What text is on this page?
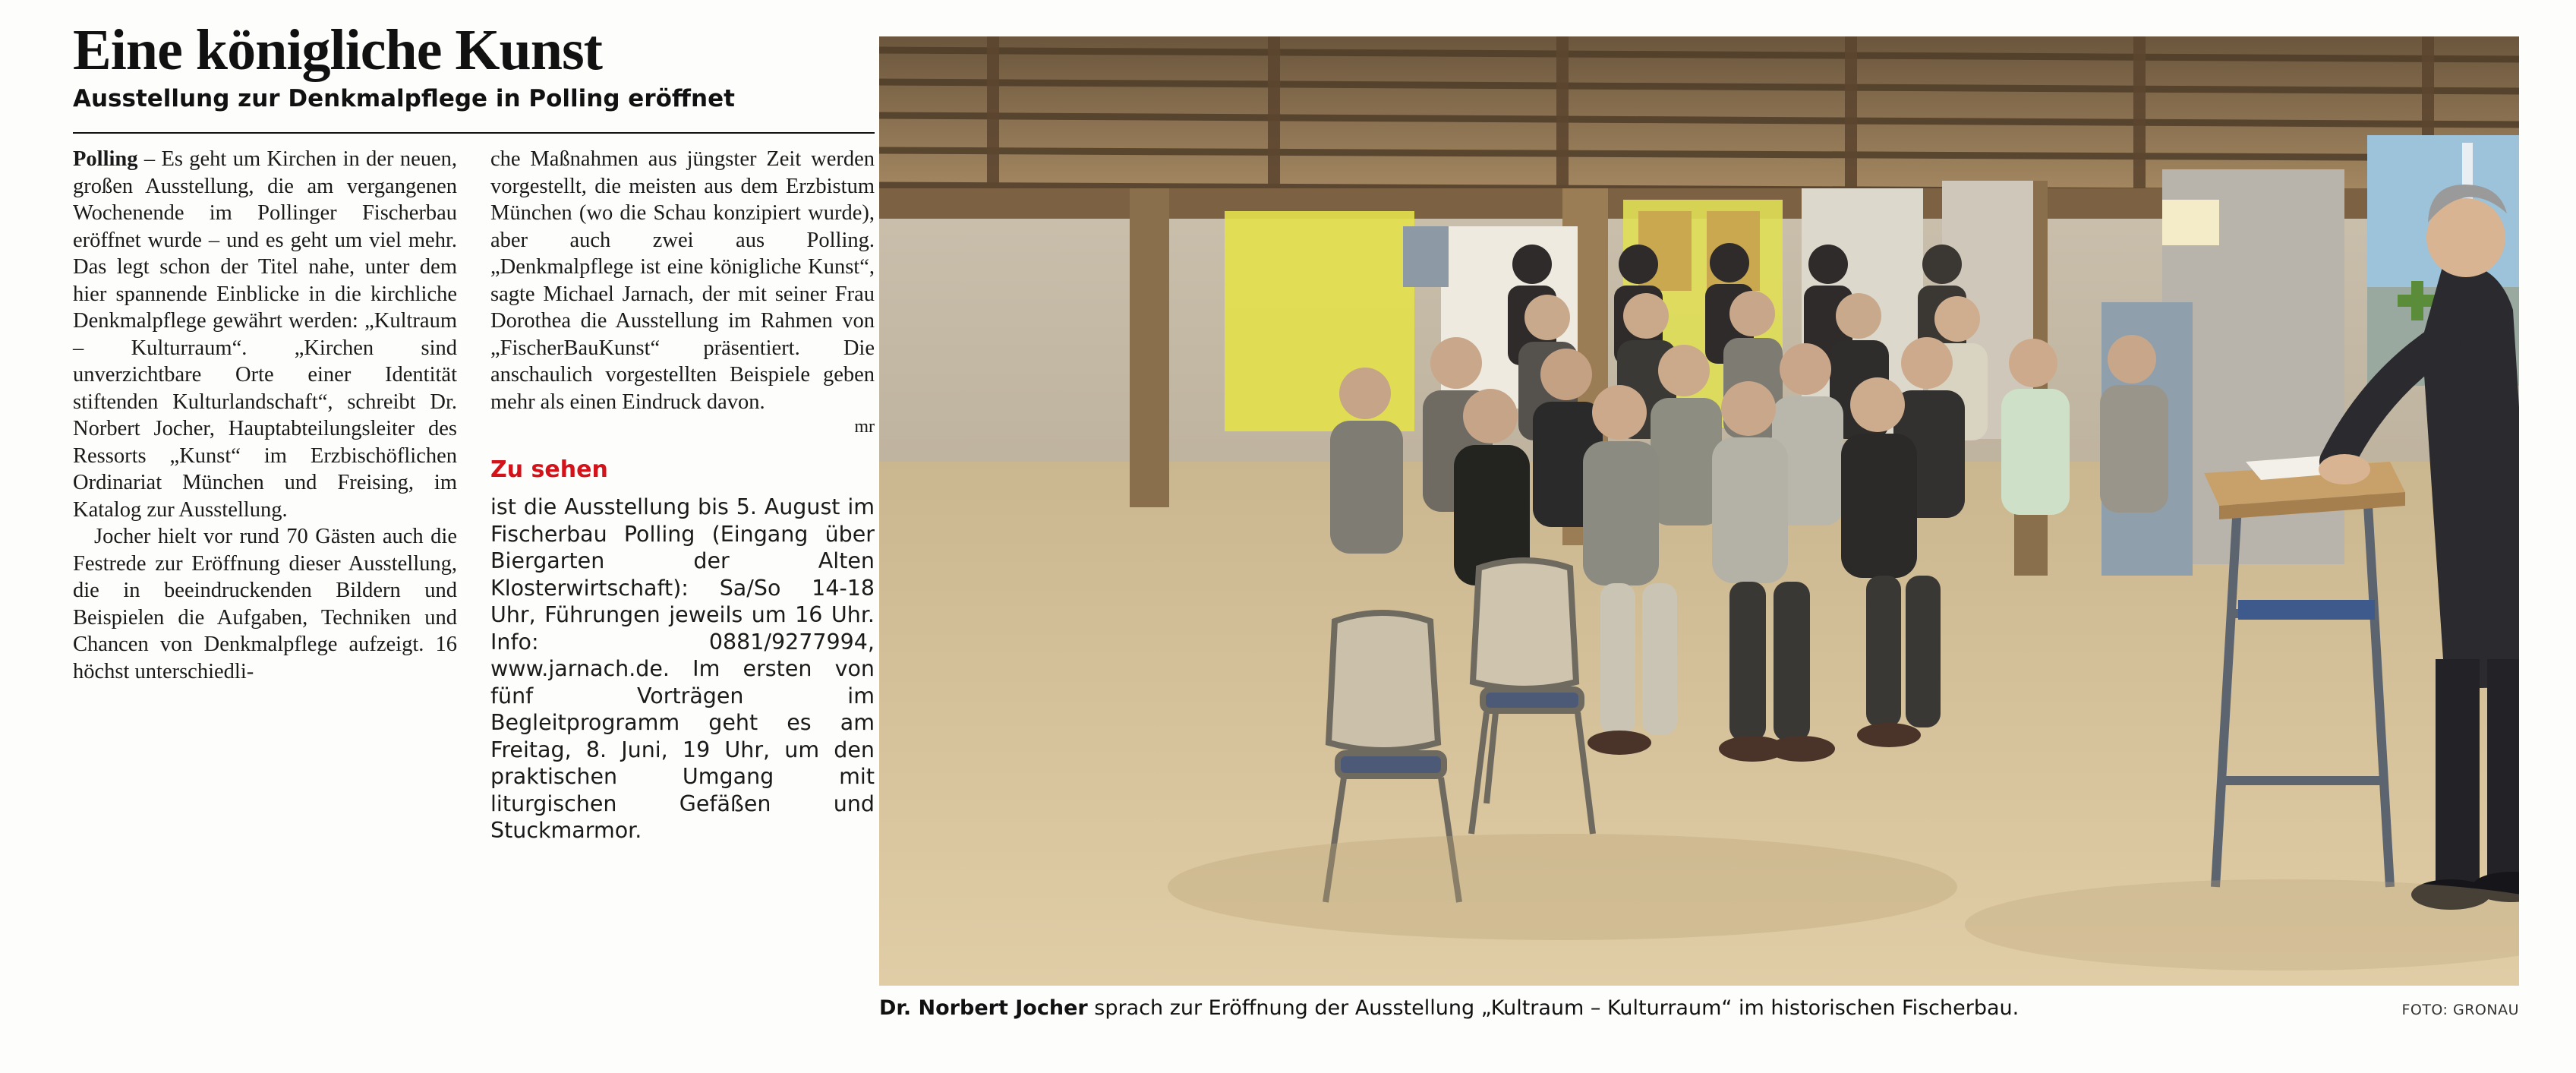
Eine königliche Kunst
Ausstellung zur Denkmalpflege in Polling eröffnet

Polling – Es geht um Kirchen in der neuen, großen Ausstellung, die am vergangenen Wochenende im Pollinger Fischerbau eröffnet wurde – und es geht um viel mehr. Das legt schon der Titel nahe, unter dem hier spannende Einblicke in die kirchliche Denkmalpflege gewährt werden: „Kultraum – Kulturraum“. „Kirchen sind unverzichtbare Orte einer Identität stiftenden Kulturlandschaft“, schreibt Dr. Norbert Jocher, Hauptabteilungsleiter des Ressorts „Kunst“ im Erzbischöflichen Ordinariat München und Freising, im Katalog zur Ausstellung.

Jocher hielt vor rund 70 Gästen auch die Festrede zur Eröffnung dieser Ausstellung, die in beeindruckenden Bildern und Beispielen die Aufgaben, Techniken und Chancen von Denkmalpflege aufzeigt. 16 höchst unterschiedli-

che Maßnahmen aus jüngster Zeit werden vorgestellt, die meisten aus dem Erzbistum München (wo die Schau konzipiert wurde), aber auch zwei aus Polling. „Denkmalpflege ist eine königliche Kunst“, sagte Michael Jarnach, der mit seiner Frau Dorothea die Ausstellung im Rahmen von „FischerBauKunst“ präsentiert. Die anschaulich vorgestellten Beispiele geben mehr als einen Eindruck davon.

mr
Zu sehen

ist die Ausstellung bis 5. August im Fischerbau Polling (Eingang über Biergarten der Alten Klosterwirtschaft): Sa/So 14-18 Uhr, Führungen jeweils um 16 Uhr. Info: 0881/9277994, www.jarnach.de. Im ersten von fünf Vorträgen im Begleitprogramm geht es am Freitag, 8. Juni, 19 Uhr, um den praktischen Umgang mit liturgischen Gefäßen und Stuckmarmor.

Dr. Norbert Jocher sprach zur Eröffnung der Ausstellung „Kultraum – Kulturraum“ im historischen Fischerbau.	FOTO: GRONAU
